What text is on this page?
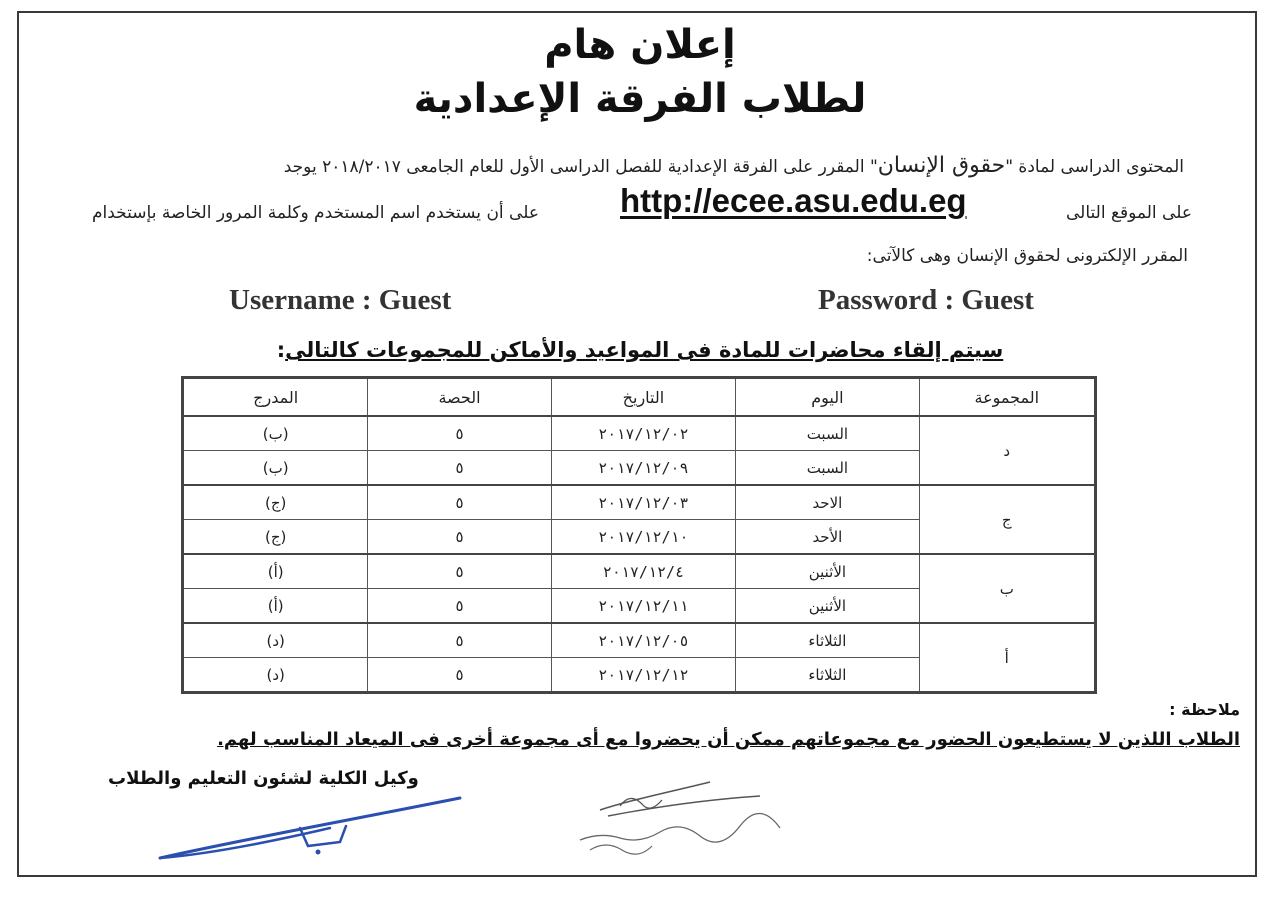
إعلان هام
لطلاب الفرقة الإعدادية
المحتوى الدراسى لمادة "حقوق الإنسان" المقرر على الفرقة الإعدادية للفصل الدراسى الأول للعام الجامعى ٢٠١٨/٢٠١٧ يوجد
على الموقع التالى
http://ecee.asu.edu.eg
على أن يستخدم اسم المستخدم وكلمة المرور الخاصة بإستخدام
المقرر الإلكترونى لحقوق الإنسان وهى كالآتى:
Username : Guest	Password : Guest
سيتم إلقاء محاضرات للمادة فى المواعيد والأماكن للمجموعات كالتالى:
المجموعة	اليوم	التاريخ	الحصة	المدرج
د	السبت	٢٠١٧/١٢/٠٢	٥	(ب)
	السبت	٢٠١٧/١٢/٠٩	٥	(ب)
ج	الاحد	٢٠١٧/١٢/٠٣	٥	(ج)
	الأحد	٢٠١٧/١٢/١٠	٥	(ج)
ب	الأثنين	٢٠١٧/١٢/٤	٥	(أ)
	الأثنين	٢٠١٧/١٢/١١	٥	(أ)
أ	الثلاثاء	٢٠١٧/١٢/٠٥	٥	(د)
	الثلاثاء	٢٠١٧/١٢/١٢	٥	(د)
ملاحظة :
الطلاب اللذين لا يستطيعون الحضور مع مجموعاتهم ممكن أن يحضروا مع أى مجموعة أخرى فى الميعاد المناسب لهم.
وكيل الكلية لشئون التعليم والطلاب
